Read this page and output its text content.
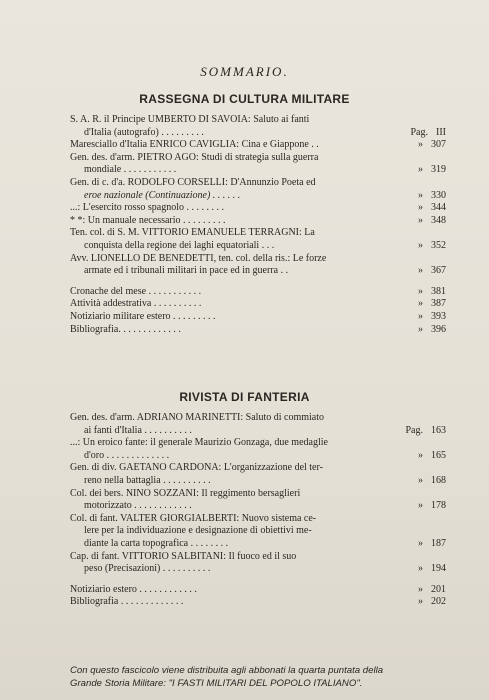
SOMMARIO.
RASSEGNA DI CULTURA MILITARE
S. A. R. il Principe UMBERTO DI SAVOIA: Saluto ai fanti
d'Italia (autografo) . . . . . . . . .	Pag. III
Maresciallo d'Italia ENRICO CAVIGLIA: Cina e Giappone . .	» 307
Gen. des. d'arm. PIETRO AGO: Studi di strategia sulla guerra
mondiale . . . . . . . . . . .	» 319
Gen. di c. d'a. RODOLFO CORSELLI: D'Annunzio Poeta ed
eroe nazionale (Continuazione) . . . . . .	» 330
...: L'esercito rosso spagnolo . . . . . . . .	» 344
* *: Un manuale necessario . . . . . . . . .	» 348
Ten. col. di S. M. VITTORIO EMANUELE TERRAGNI: La
conquista della regione dei laghi equatoriali . . .	» 352
Avv. LIONELLO DE BENEDETTI, ten. col. della ris.: Le forze
armate ed i tribunali militari in pace ed in guerra . .	» 367
Cronache del mese . . . . . . . . . . .	» 381
Attività addestrativa . . . . . . . . . .	» 387
Notiziario militare estero . . . . . . . . .	» 393
Bibliografia. . . . . . . . . . . . .	» 396
RIVISTA DI FANTERIA
Gen. des. d'arm. ADRIANO MARINETTI: Saluto di commiato
ai fanti d'Italia . . . . . . . . . .	Pag. 163
...: Un eroico fante: il generale Maurizio Gonzaga, due medaglie
d'oro . . . . . . . . . . . . .	» 165
Gen. di div. GAETANO CARDONA: L'organizzazione del ter-
reno nella battaglia . . . . . . . . . .	» 168
Col. dei bers. NINO SOZZANI: Il reggimento bersaglieri
motorizzato . . . . . . . . . . . .	» 178
Col. di fant. VALTER GIORGIALBERTI: Nuovo sistema ce-
lere per la individuazione e designazione di obiettivi me-
diante la carta topografica . . . . . . . .	» 187
Cap. di fant. VITTORIO SALBITANI: Il fuoco ed il suo
peso (Precisazioni) . . . . . . . . . .	» 194
Notiziario estero . . . . . . . . . . . .	» 201
Bibliografia . . . . . . . . . . . . .	» 202
Con questo fascicolo viene distribuita agli abbonati la quarta puntata della
Grande Storia Militare: "I FASTI MILITARI DEL POPOLO ITALIANO".
